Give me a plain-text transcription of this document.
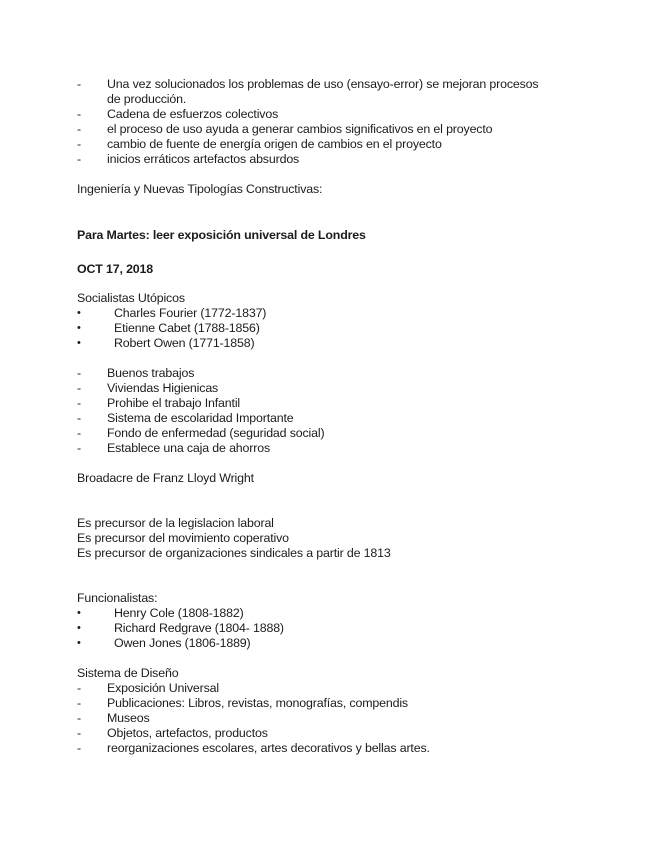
-	Una vez solucionados los problemas de uso (ensayo-error) se mejoran procesos
de producción.
-	Cadena de esfuerzos colectivos
-	el proceso de uso ayuda a generar cambios significativos en el proyecto
-	cambio de fuente de energía origen de cambios en el proyecto
-	inicios erráticos artefactos absurdos
Ingeniería y Nuevas Tipologías Constructivas:
Para Martes: leer exposición universal de Londres
OCT 17, 2018
Socialistas Utópicos
•	Charles Fourier (1772-1837)
•	Etienne Cabet (1788-1856)
•	Robert Owen (1771-1858)
-	Buenos trabajos
-	Viviendas Higienicas
-	Prohibe el trabajo Infantil
-	Sistema de escolaridad Importante
-	Fondo de enfermedad (seguridad social)
-	Establece una caja de ahorros
Broadacre de Franz Lloyd Wright
Es precursor de la legislacion laboral
Es precursor del movimiento coperativo
Es precursor de organizaciones sindicales a partir de 1813
Funcionalistas:
•	Henry Cole (1808-1882)
•	Richard Redgrave (1804- 1888)
•	Owen Jones (1806-1889)
Sistema de Diseño
-	Exposición Universal
-	Publicaciones: Libros, revistas, monografías, compendis
-	Museos
-	Objetos, artefactos, productos
-	reorganizaciones escolares, artes decorativos y bellas artes.
